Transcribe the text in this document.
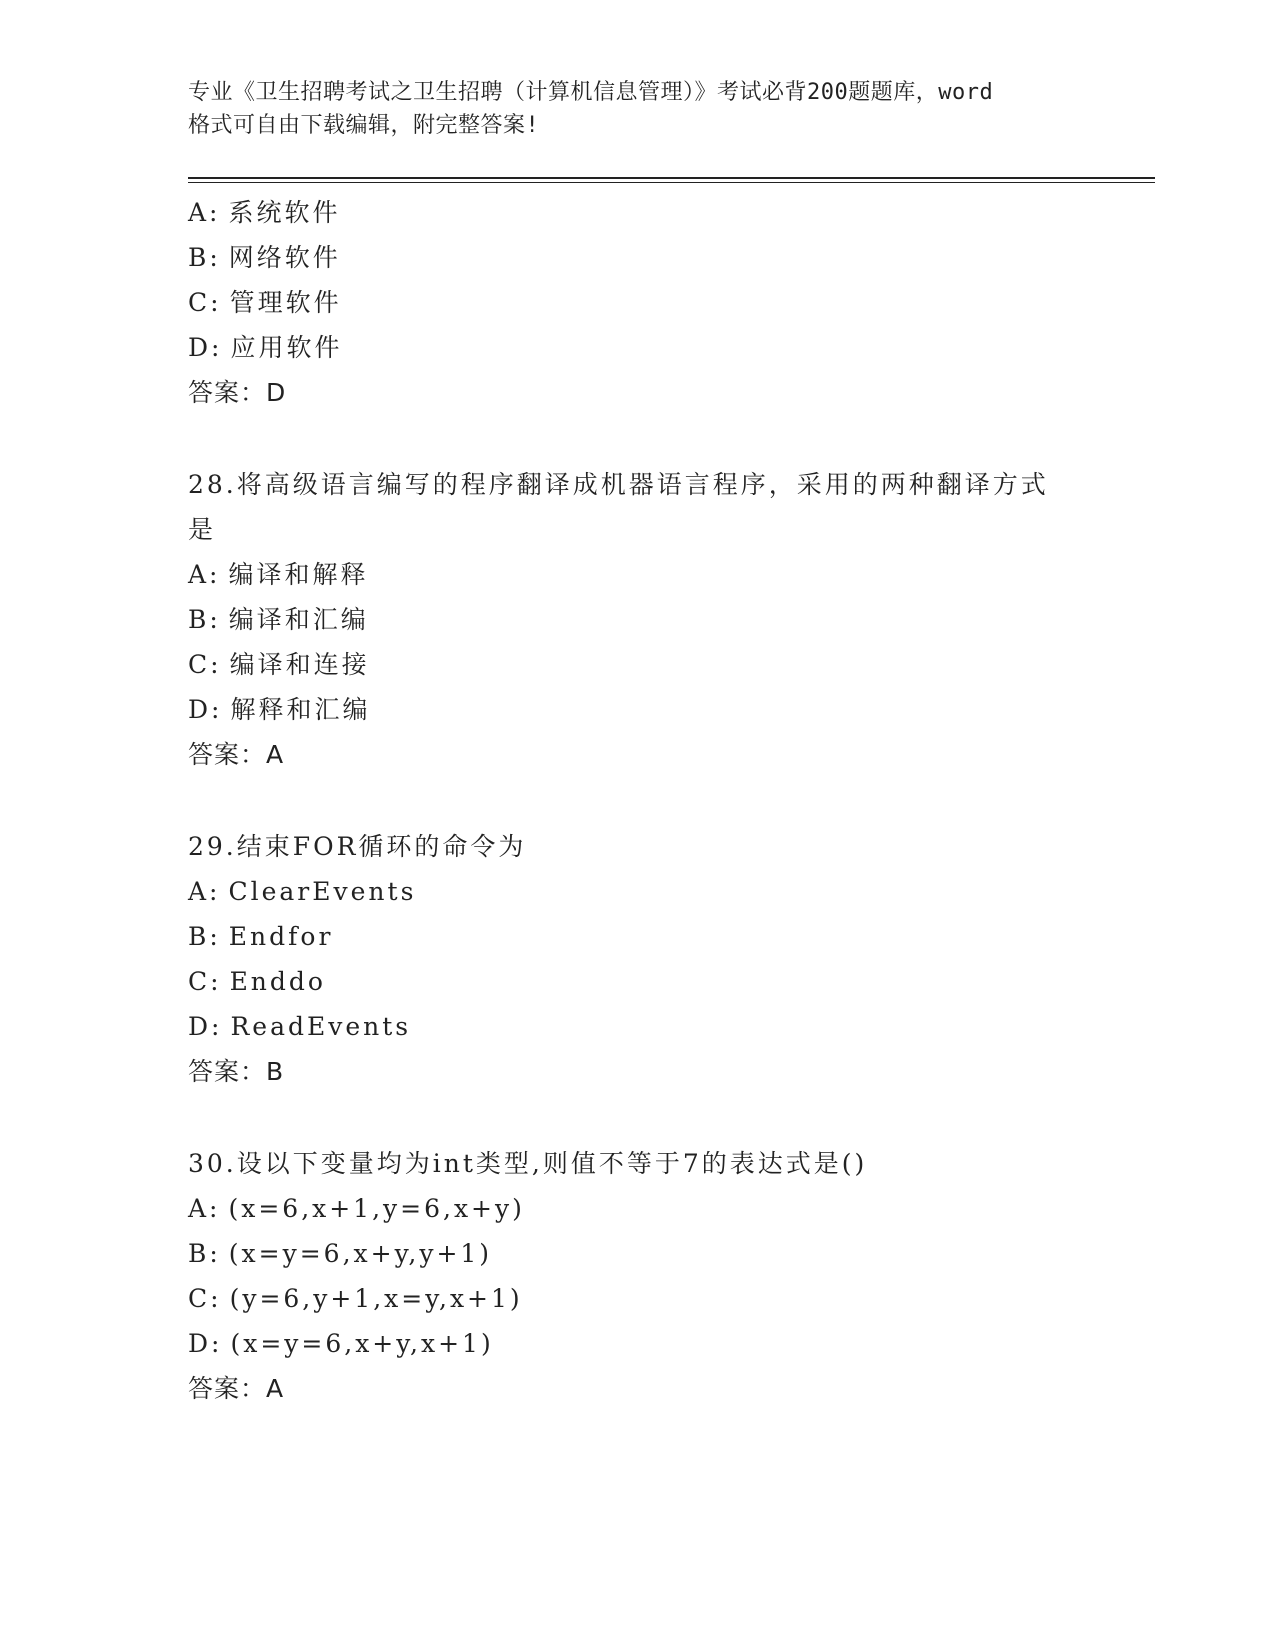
专业《卫生招聘考试之卫生招聘（计算机信息管理）》考试必背200题题库，word
格式可自由下载编辑，附完整答案!
A: 系统软件
B: 网络软件
C: 管理软件
D: 应用软件
答案：D
28.将高级语言编写的程序翻译成机器语言程序，采用的两种翻译方式
是
A: 编译和解释
B: 编译和汇编
C: 编译和连接
D: 解释和汇编
答案：A
29.结束FOR循环的命令为
A: ClearEvents
B: Endfor
C: Enddo
D: ReadEvents
答案：B
30.设以下变量均为int类型,则值不等于7的表达式是()
A: (x=6,x+1,y=6,x+y)
B: (x=y=6,x+y,y+1)
C: (y=6,y+1,x=y,x+1)
D: (x=y=6,x+y,x+1)
答案：A
